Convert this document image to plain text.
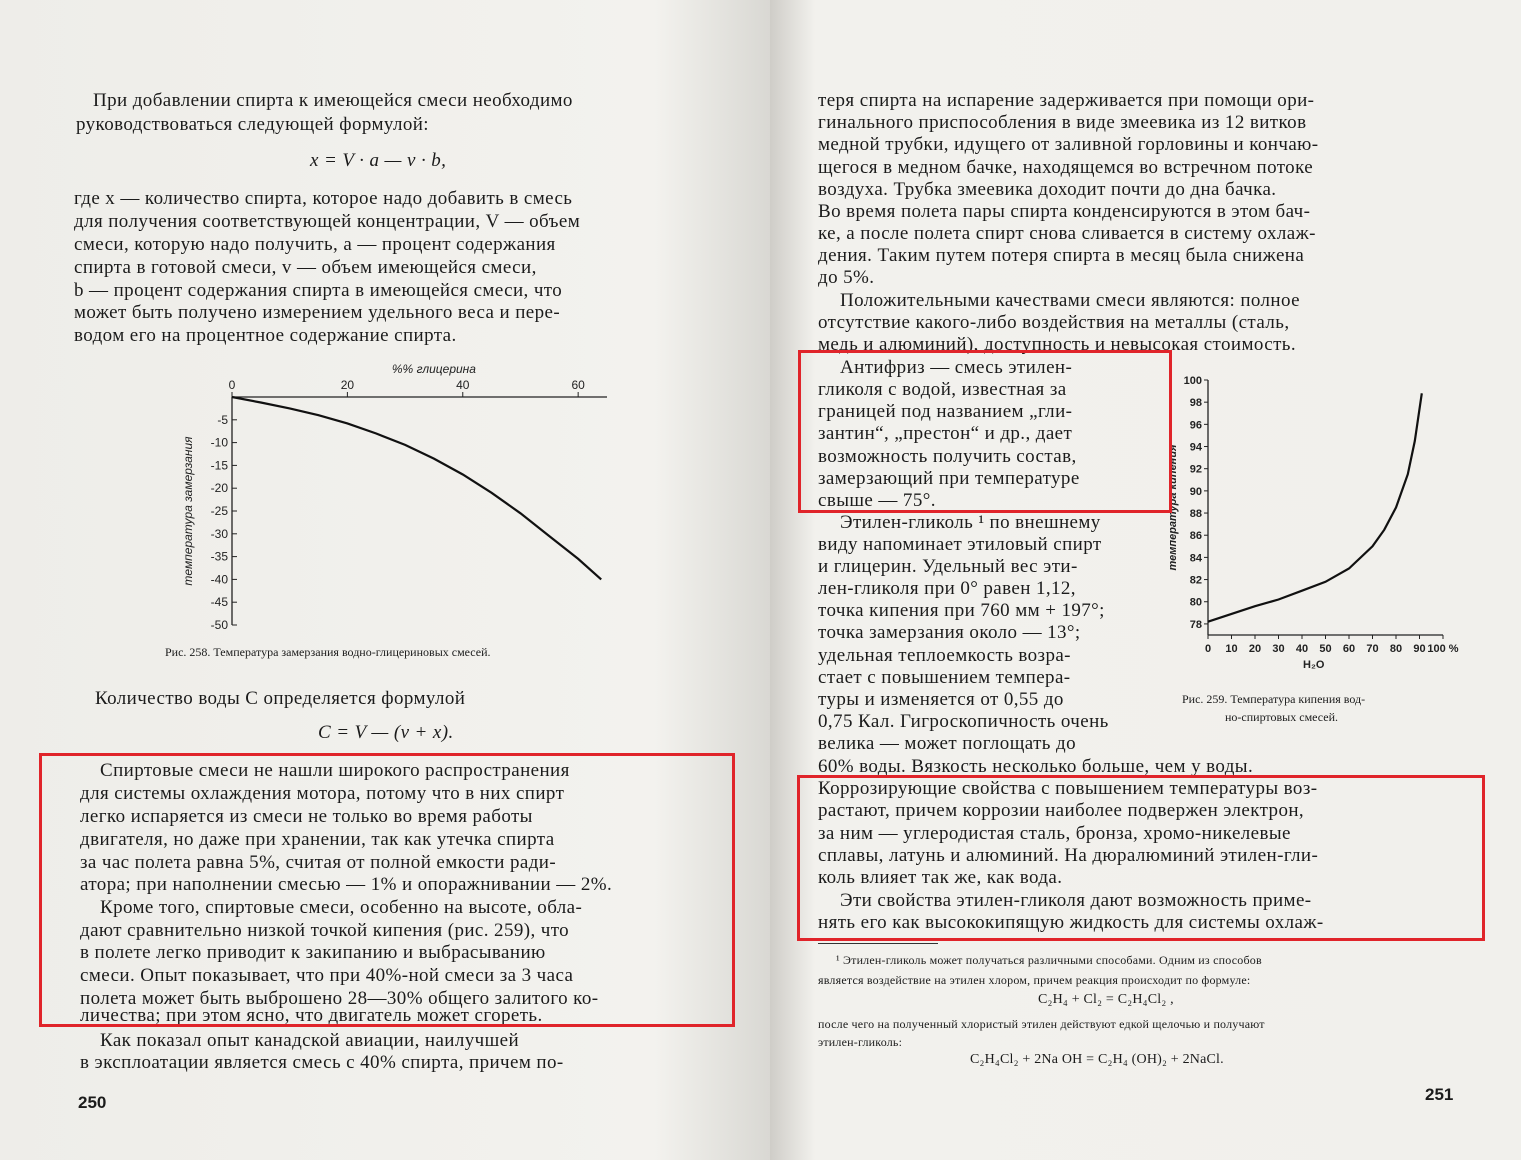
При добавлении спирта к имеющейся смеси необходимо
руководствоваться следующей формулой:
x = V · a — v · b,
где x — количество спирта, которое надо добавить в смесь
для получения соответствующей концентрации, V — объем
смеси, которую надо получить, a — процент содержания
спирта в готовой смеси, v — объем имеющейся смеси,
b — процент содержания спирта в имеющейся смеси, что
может быть получено измерением удельного веса и пере-
водом его на процентное содержание спирта.
%% глицерина
0	20	40	60
-5
-10
-15
-20
-25
-30
-35
-40
-45
-50
температура замерзания
Рис. 258. Температура замерзания водно-глицериновых смесей.
Количество воды C определяется формулой
C = V — (v + x).
Спиртовые смеси не нашли широкого распространения
для системы охлаждения мотора, потому что в них спирт
легко испаряется из смеси не только во время работы
двигателя, но даже при хранении, так как утечка спирта
за час полета равна 5%, считая от полной емкости ради-
атора; при наполнении смесью — 1% и опоражнивании — 2%.
Кроме того, спиртовые смеси, особенно на высоте, обла-
дают сравнительно низкой точкой кипения (рис. 259), что
в полете легко приводит к закипанию и выбрасыванию
смеси. Опыт показывает, что при 40%-ной смеси за 3 часа
полета может быть выброшено 28—30% общего залитого ко-
личества; при этом ясно, что двигатель может сгореть.
Как показал опыт канадской авиации, наилучшей
в эксплоатации является смесь с 40% спирта, причем по-
250
теря спирта на испарение задерживается при помощи ори-
гинального приспособления в виде змеевика из 12 витков
медной трубки, идущего от заливной горловины и кончаю-
щегося в медном бачке, находящемся во встречном потоке
воздуха. Трубка змеевика доходит почти до дна бачка.
Во время полета пары спирта конденсируются в этом бач-
ке, а после полета спирт снова сливается в систему охлаж-
дения. Таким путем потеря спирта в месяц была снижена
до 5%.
Положительными качествами смеси являются: полное
отсутствие какого-либо воздействия на металлы (сталь,
медь и алюминий), доступность и невысокая стоимость.
Антифриз — смесь этилен-
гликоля с водой, известная за
границей под названием „гли-
зантин“, „престон“ и др., дает
возможность получить состав,
замерзающий при температуре
свыше — 75°.
Этилен-гликоль ¹ по внешнему
виду напоминает этиловый спирт
и глицерин. Удельный вес эти-
лен-гликоля при 0° равен 1,12,
точка кипения при 760 мм + 197°;
точка замерзания около — 13°;
удельная теплоемкость возра-
стает с повышением темпера-
туры и изменяется от 0,55 до
0,75 Кал. Гигроскопичность очень
велика — может поглощать до
0 10 20 30 40 50 60 70 80 90 100 %
H₂O
78
80
82
84
86
88
90
92
94
96
98
100
температура кипения
Рис. 259. Температура кипения вод-
но-спиртовых смесей.
60% воды. Вязкость несколько больше, чем у воды.
Коррозирующие свойства с повышением температуры воз-
растают, причем коррозии наиболее подвержен электрон,
за ним — углеродистая сталь, бронза, хромо-никелевые
сплавы, латунь и алюминий. На дюралюминий этилен-гли-
коль влияет так же, как вода.
Эти свойства этилен-гликоля дают возможность приме-
нять его как высококипящую жидкость для системы охлаж-
¹ Этилен-гликоль может получаться различными способами. Одним из способов
является воздействие на этилен хлором, причем реакция происходит по формуле:
C₂H₄ + Cl₂ = C₂H₄Cl₂ ,
после чего на полученный хлористый этилен действуют едкой щелочью и получают
этилен-гликоль:
C₂H₄Cl₂ + 2Na OH = C₂H₄ (OH)₂ + 2NaCl.
251
